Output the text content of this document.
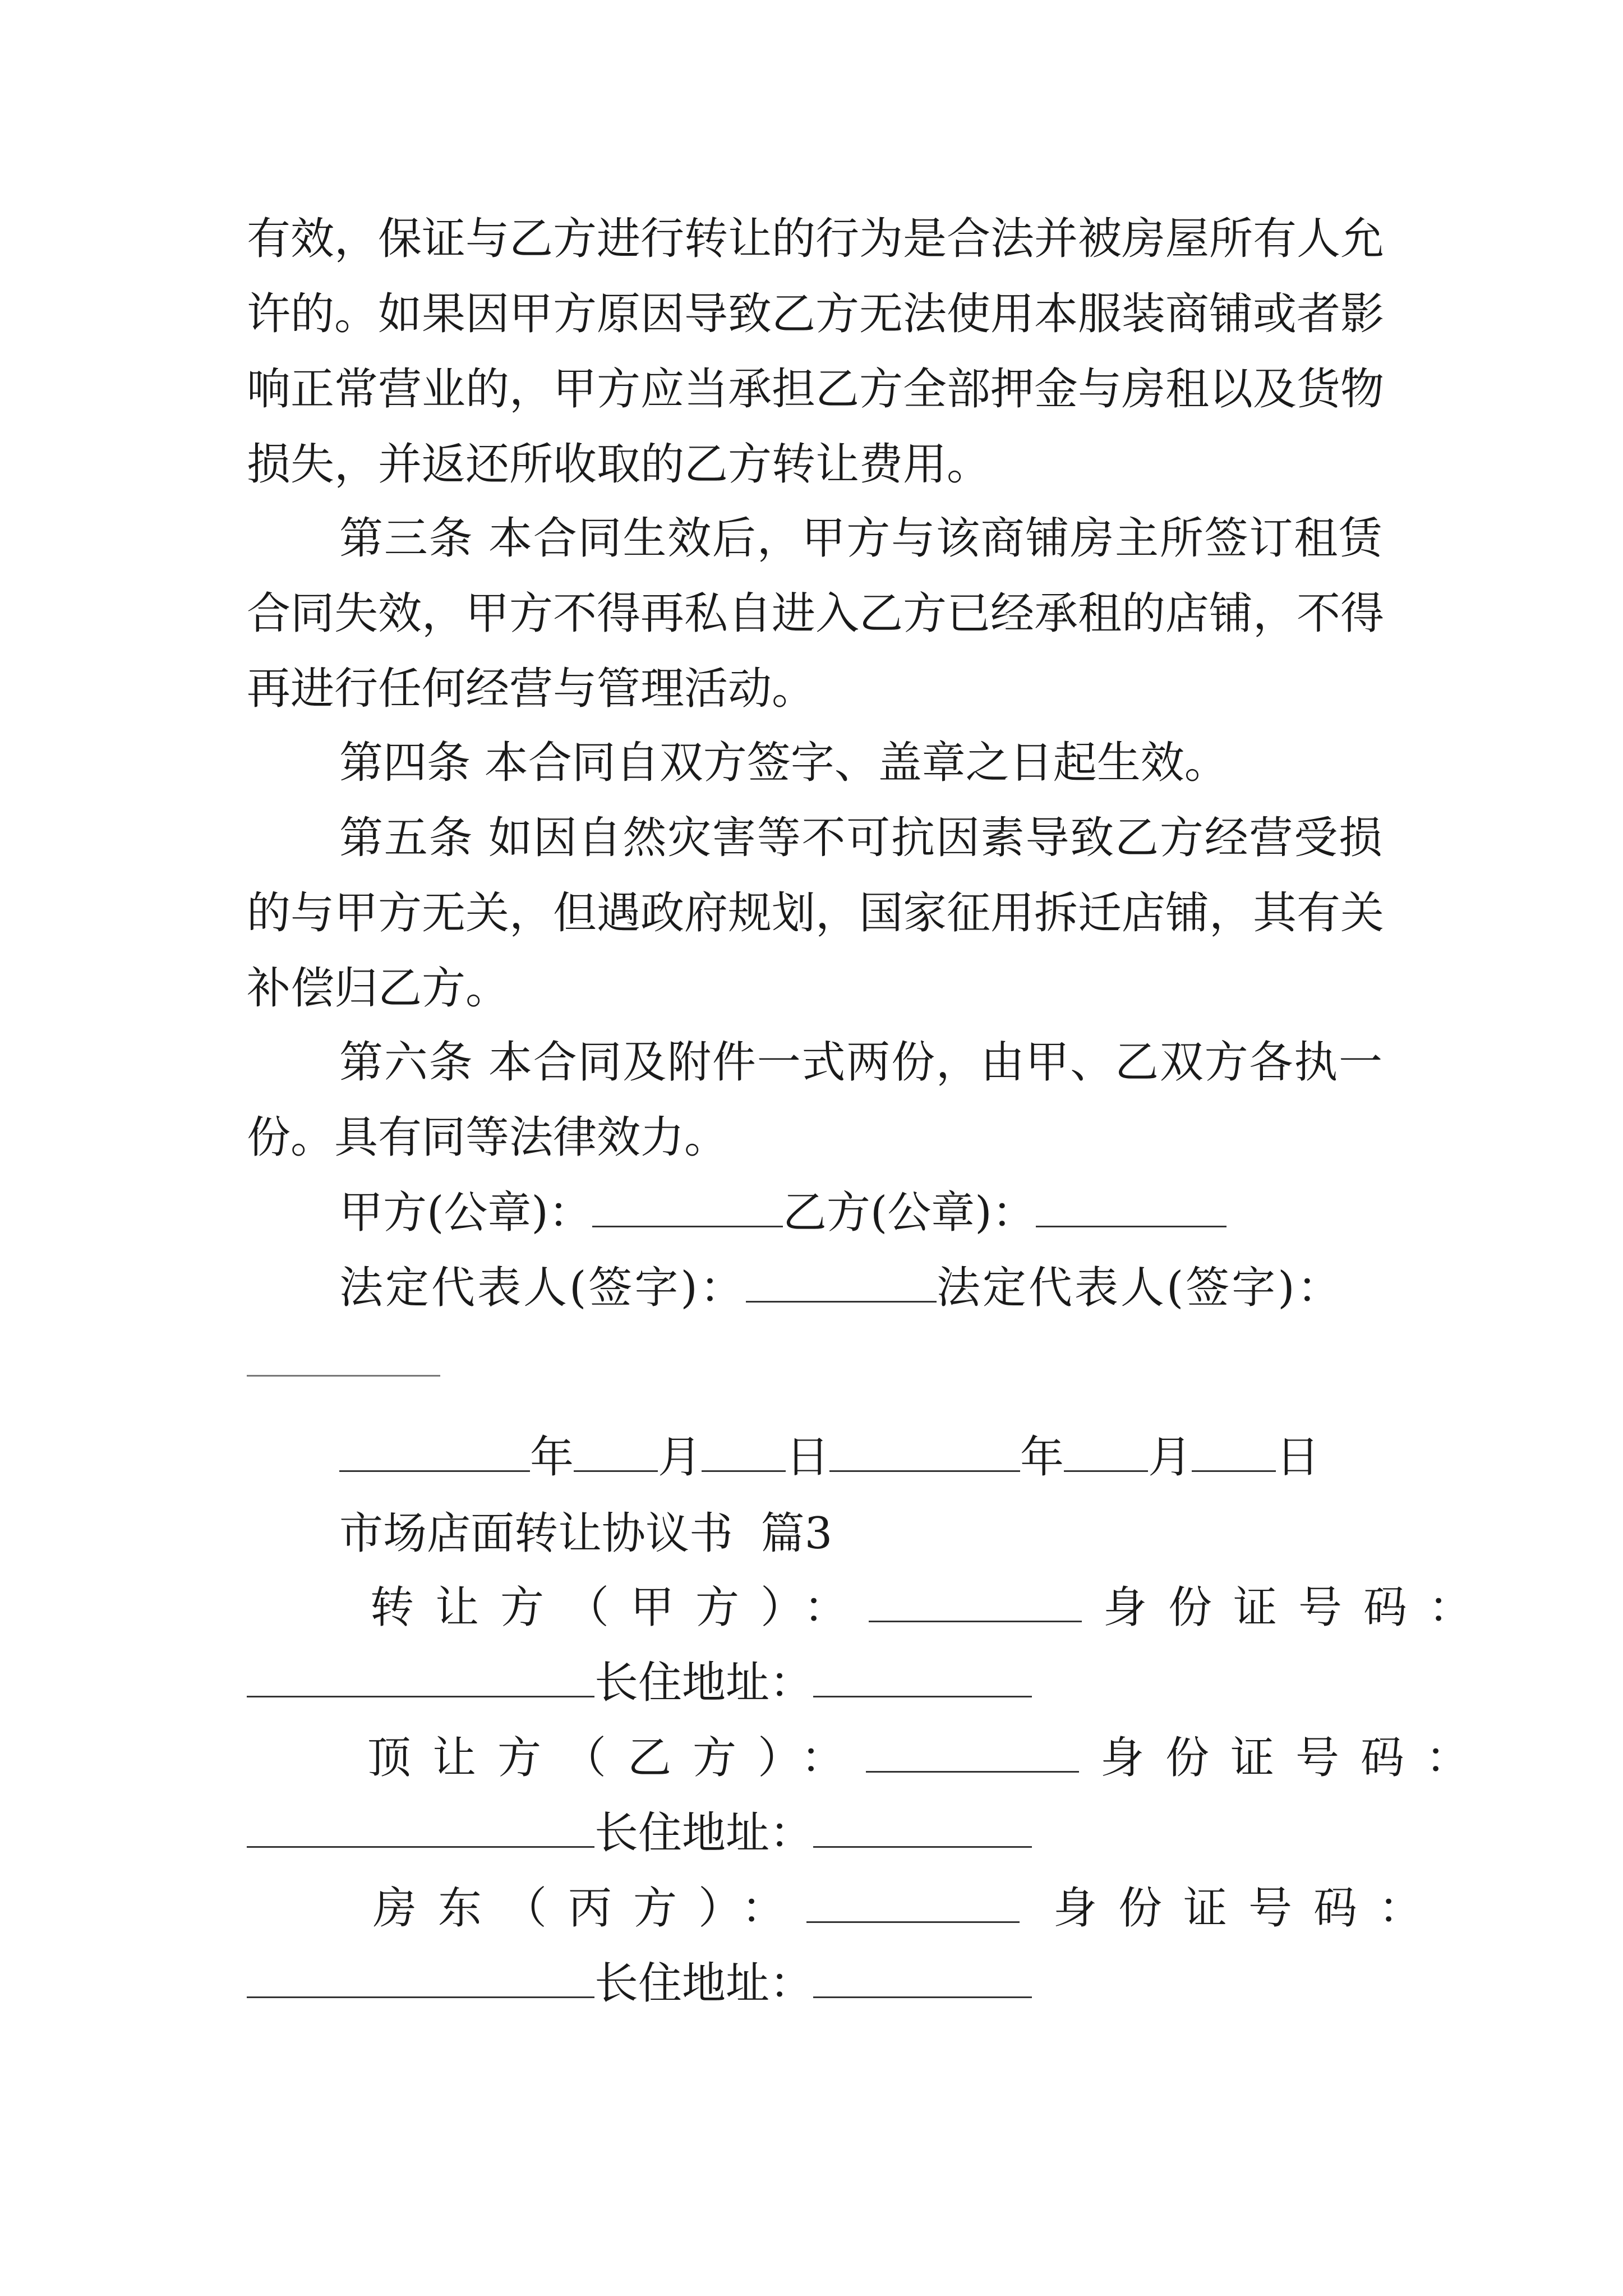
有效，保证与乙方进行转让的行为是合法并被房屋所有人允
许的。如果因甲方原因导致乙方无法使用本服装商铺或者影
响正常营业的，甲方应当承担乙方全部押金与房租以及货物
损失，并返还所收取的乙方转让费用。
第三条 本合同生效后，甲方与该商铺房主所签订租赁
合同失效，甲方不得再私自进入乙方已经承租的店铺，不得
再进行任何经营与管理活动。
第四条 本合同自双方签字、盖章之日起生效。
第五条 如因自然灾害等不可抗因素导致乙方经营受损
的与甲方无关，但遇政府规划，国家征用拆迁店铺，其有关
补偿归乙方。
第六条 本合同及附件一式两份，由甲、乙双方各执一
份。具有同等法律效力。
甲方(公章)：	乙方(公章)：
法定代表人(签字)：	法定代表人(签字)：
年 月 日	年 月 日
市场店面转让协议书  篇3
转让方（甲方）：	身份证号码：
长住地址：
顶让方（乙方）：	身份证号码：
长住地址：
房东（丙方）：	身份证号码：
长住地址：
